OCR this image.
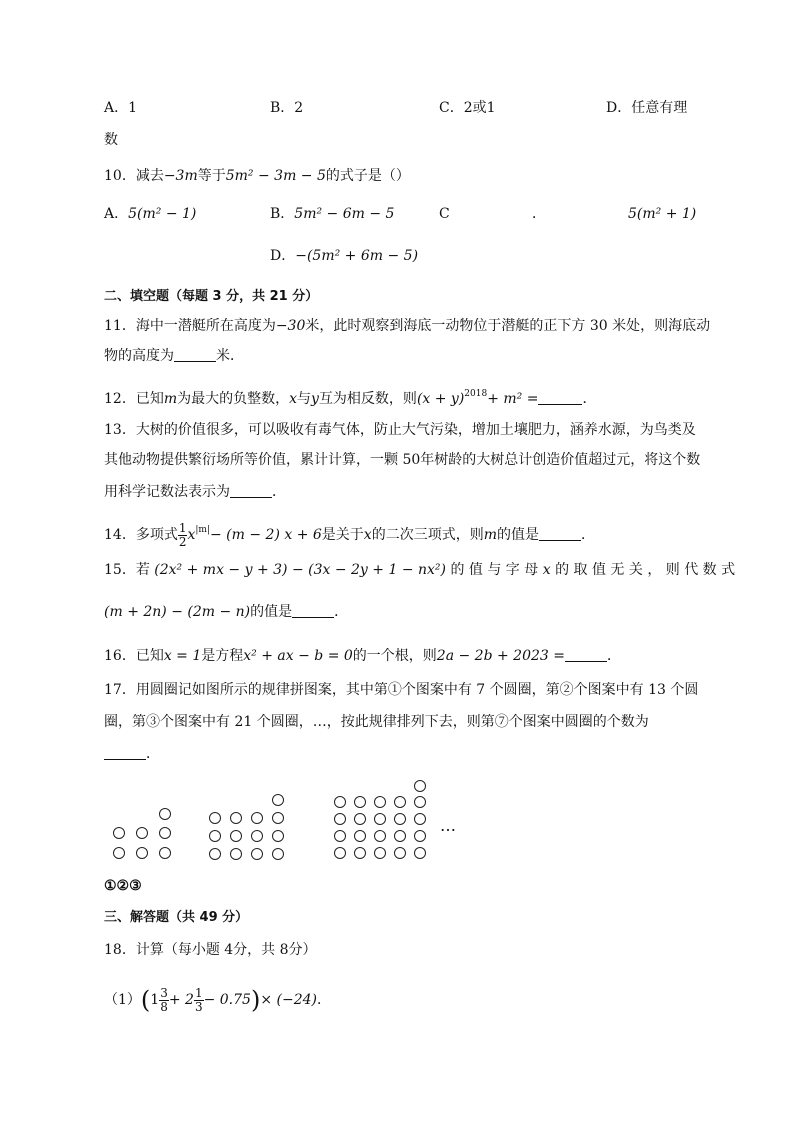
A．1	B．2	C．2或1	D．任意有理
数
10．减去−3m等于5m² − 3m − 5的式子是（）
A．5(m² − 1)	B．5m² − 6m − 5	C	．	5(m² + 1)
D．−(5m² + 6m − 5)
二、填空题（每题 3 分，共 21 分）
11．海中一潜艇所在高度为−30米，此时观察到海底一动物位于潜艇的正下方 30 米处，则海底动
物的高度为	米．
12．已知m为最大的负整数，x与y互为相反数，则$(x + y)^{2018}+ m^2$ =	．
13．大树的价值很多，可以吸收有毒气体，防止大气污染，增加土壤肥力，涵养水源，为鸟类及
其他动物提供繁衍场所等价值，累计计算，一颗 50年树龄的大树总计创造价值超过元，将这个数
用科学记数法表示为	．
14．多项式 $\frac{1}{2} x^{|m|}- (m - 2) x + 6$是关于x的二次三项式，则m的值是	．
15．若 (2x² + mx − y + 3) − (3x − 2y + 1 − nx²) 的 值 与 字 母 x 的 取 值 无 关 ， 则 代 数 式
(m + 2n) − (2m − n)的值是	．
16．已知x = 1是方程x² + ax − b = 0的一个根，则2a − 2b + 2023 =	．
17．用圆圈记如图所示的规律拼图案，其中第①个图案中有 7 个圆圈，第②个图案中有 13 个圆
圈，第③个图案中有 21 个圆圈，…，按此规律排列下去，则第⑦个图案中圆圈的个数为
．
…
①②③
三、解答题（共 49 分）
18．计算（每小题 4分，共 8分）
$(1)(1 \frac{3}{8} + 2 \frac{1}{3} - 0.75)\times (-24)$．
